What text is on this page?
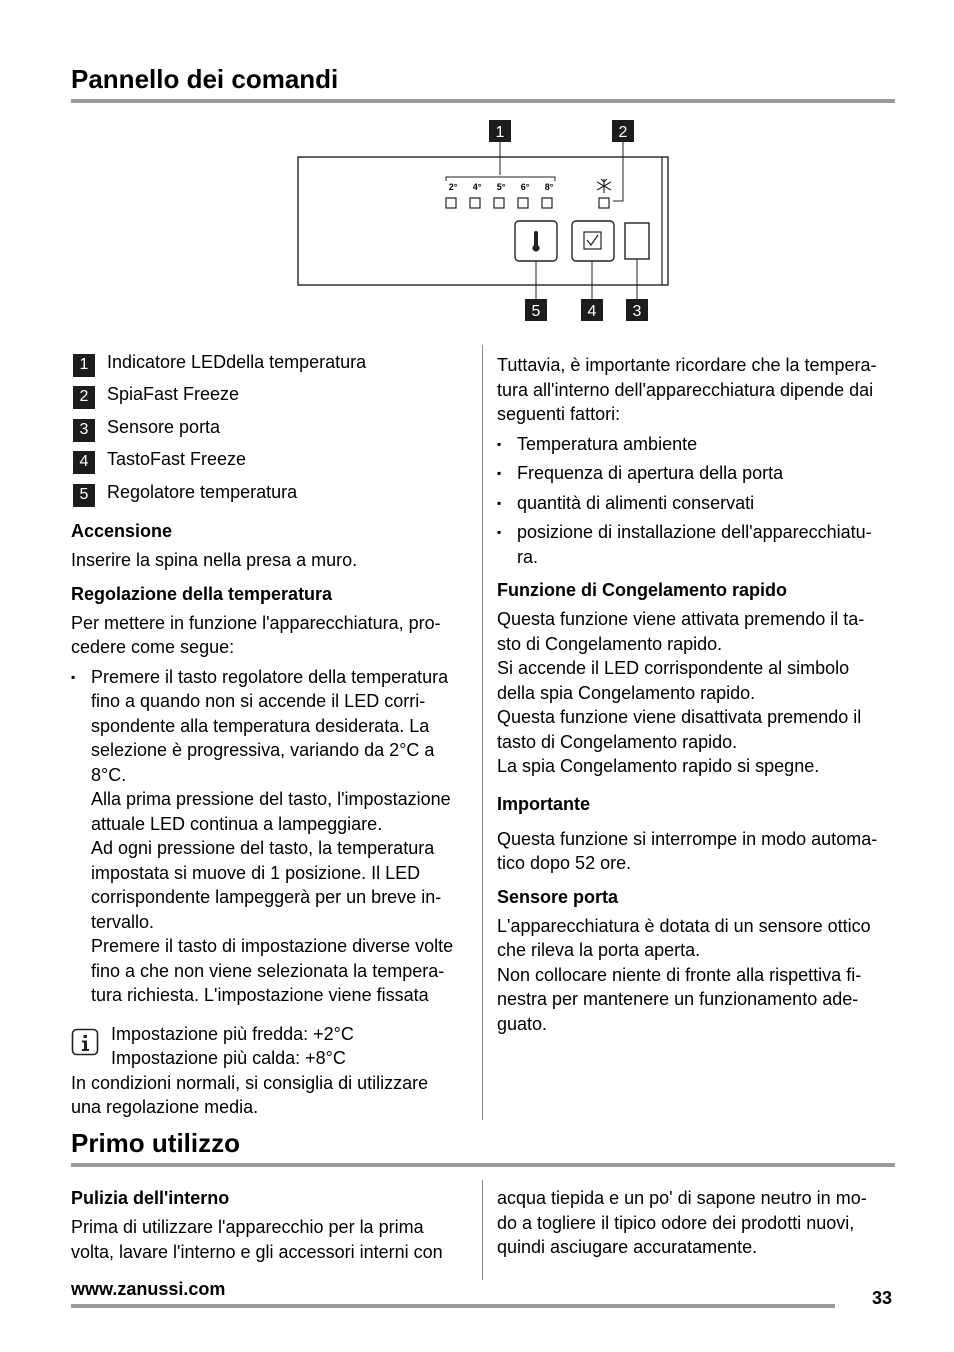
Pannello dei comandi
2° 4° 5° 6° 8°
1	2
5	4 3
1	Indicatore LEDdella temperatura
2	SpiaFast Freeze
3	Sensore porta
4	TastoFast Freeze
5	Regolatore temperatura
Accensione

Inserire la spina nella presa a muro.

Regolazione della temperatura

Per mettere in funzione l'apparecchiatura, pro-
cedere come segue:

▪ Premere il tasto regolatore della temperatura
fino a quando non si accende il LED corri-
spondente alla temperatura desiderata. La
selezione è progressiva, variando da 2°C a
8°C.
Alla prima pressione del tasto, l'impostazione
attuale LED continua a lampeggiare.
Ad ogni pressione del tasto, la temperatura
impostata si muove di 1 posizione. Il LED
corrispondente lampeggerà per un breve in-
tervallo.
Premere il tasto di impostazione diverse volte
fino a che non viene selezionata la tempera-
tura richiesta. L'impostazione viene fissata
Impostazione più fredda: +2°C
Impostazione più calda: +8°C

In condizioni normali, si consiglia di utilizzare
una regolazione media.

Tuttavia, è importante ricordare che la tempera-
tura all'interno dell'apparecchiatura dipende dai
seguenti fattori:

▪ Temperatura ambiente
▪ Frequenza di apertura della porta
▪ quantità di alimenti conservati
▪ posizione di installazione dell'apparecchiatu-
ra.
Funzione di Congelamento rapido

Questa funzione viene attivata premendo il ta-
sto di Congelamento rapido.
Si accende il LED corrispondente al simbolo
della spia Congelamento rapido.
Questa funzione viene disattivata premendo il
tasto di Congelamento rapido.
La spia Congelamento rapido si spegne.

Importante

Questa funzione si interrompe in modo automa-
tico dopo 52 ore.

Sensore porta

L'apparecchiatura è dotata di un sensore ottico
che rileva la porta aperta.
Non collocare niente di fronte alla rispettiva fi-
nestra per mantenere un funzionamento ade-
guato.

Primo utilizzo
Pulizia dell'interno

Prima di utilizzare l'apparecchio per la prima
volta, lavare l'interno e gli accessori interni con

acqua tiepida e un po' di sapone neutro in mo-
do a togliere il tipico odore dei prodotti nuovi,
quindi asciugare accuratamente.

www.zanussi.com	33
